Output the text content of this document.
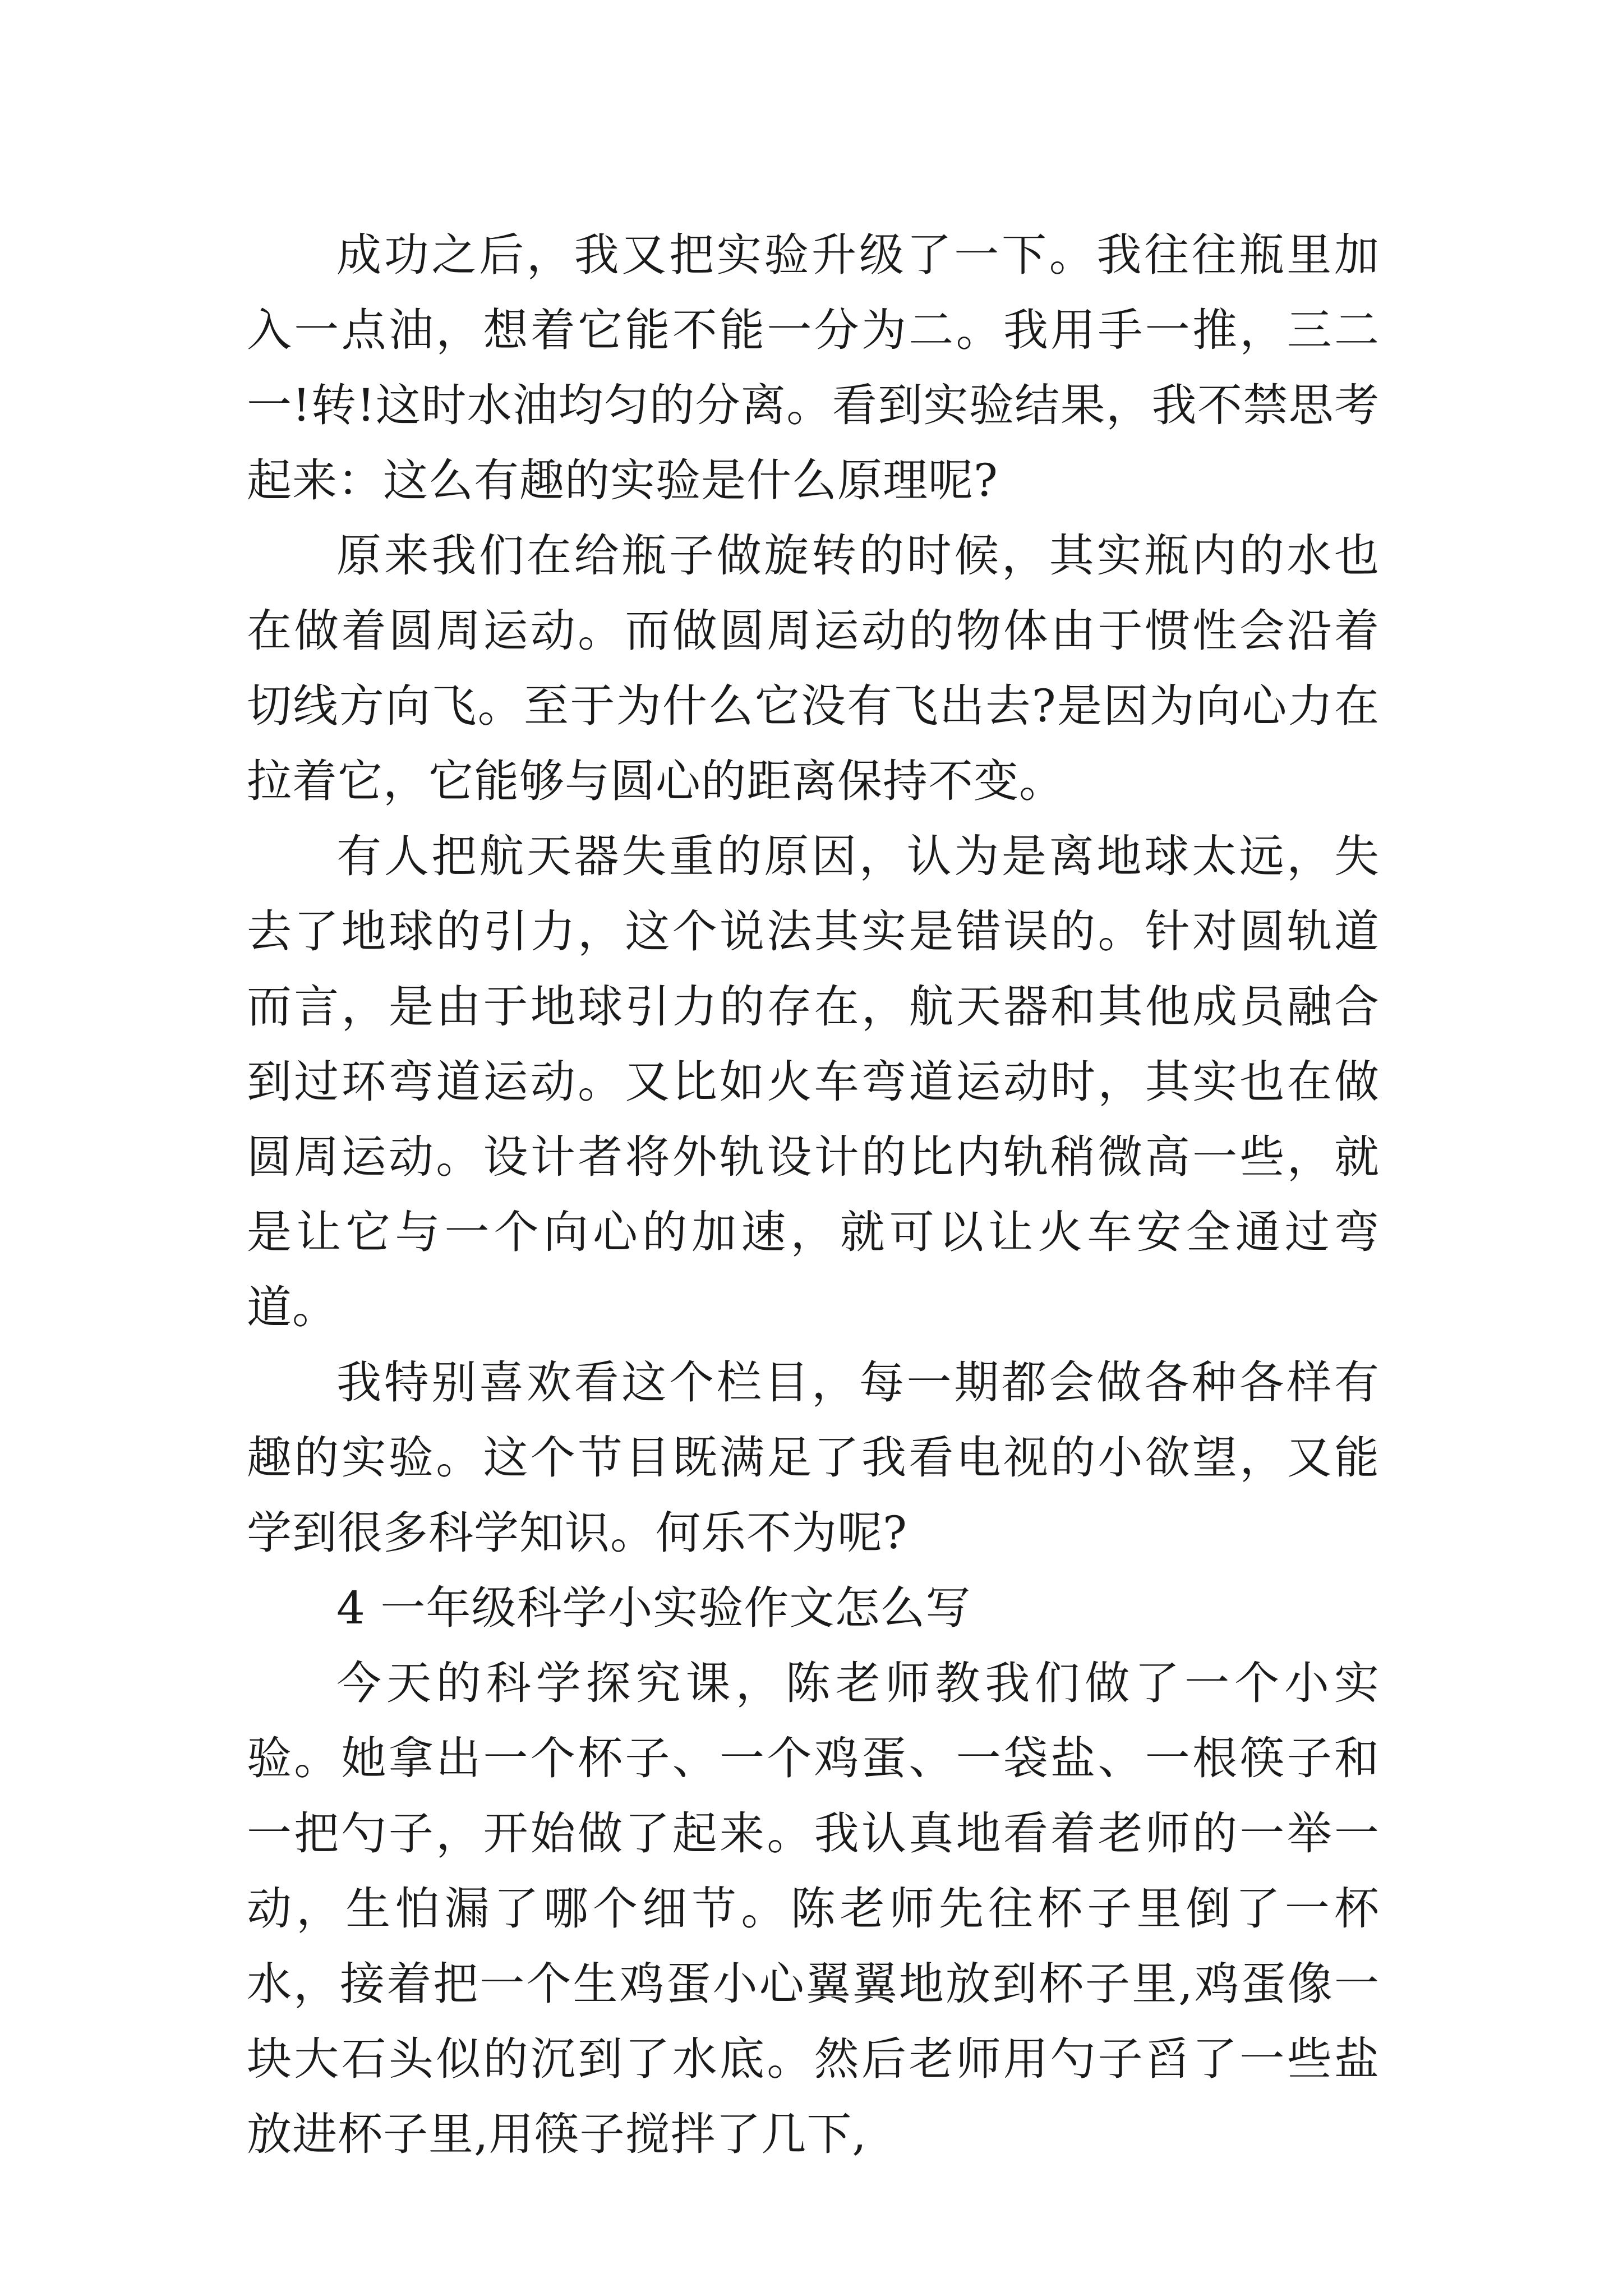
成功之后，我又把实验升级了一下。我往往瓶里加入一点油，想着它能不能一分为二。我用手一推，三二一!转!这时水油均匀的分离。看到实验结果，我不禁思考起来：这么有趣的实验是什么原理呢?

原来我们在给瓶子做旋转的时候，其实瓶内的水也在做着圆周运动。而做圆周运动的物体由于惯性会沿着切线方向飞。至于为什么它没有飞出去?是因为向心力在拉着它，它能够与圆心的距离保持不变。

有人把航天器失重的原因，认为是离地球太远，失去了地球的引力，这个说法其实是错误的。针对圆轨道而言，是由于地球引力的存在，航天器和其他成员融合到过环弯道运动。又比如火车弯道运动时，其实也在做圆周运动。设计者将外轨设计的比内轨稍微高一些，就是让它与一个向心的加速，就可以让火车安全通过弯道。

我特别喜欢看这个栏目，每一期都会做各种各样有趣的实验。这个节目既满足了我看电视的小欲望，又能学到很多科学知识。何乐不为呢?

4 一年级科学小实验作文怎么写

今天的科学探究课，陈老师教我们做了一个小实验。她拿出一个杯子、一个鸡蛋、一袋盐、一根筷子和一把勺子，开始做了起来。我认真地看着老师的一举一动，生怕漏了哪个细节。陈老师先往杯子里倒了一杯水，接着把一个生鸡蛋小心翼翼地放到杯子里,鸡蛋像一块大石头似的沉到了水底。然后老师用勺子舀了一些盐放进杯子里,用筷子搅拌了几下,
